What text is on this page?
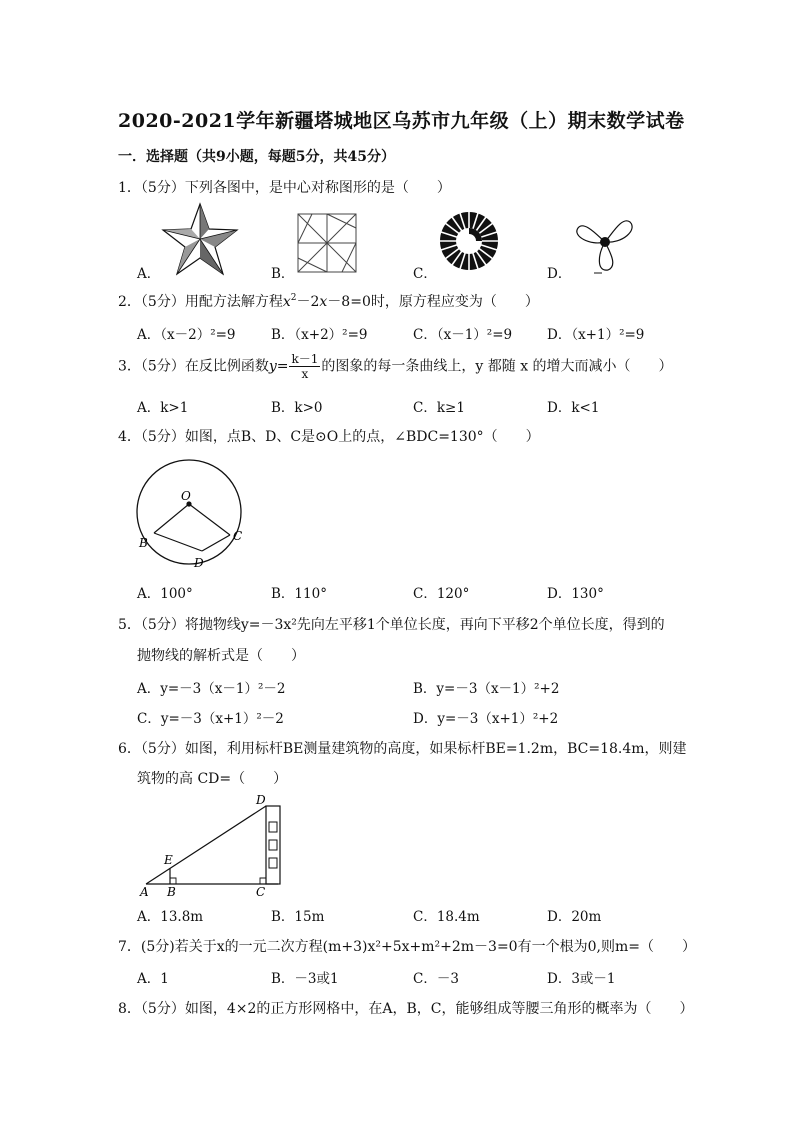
2020-2021学年新疆塔城地区乌苏市九年级（上）期末数学试卷
一．选择题（共9小题，每题5分，共45分）
1．（5分）下列各图中，是中心对称图形的是（　　）
A．	B．	C．	D．
2．（5分）用配方法解方程$x^2-2x-8=0$时，原方程应变为（　　）
A．（x－2）²=9	B．（x+2）²=9	C．（x－1）²=9	D．（x+1）²=9
3．（5分）在反比例函数$y= \frac{k-1}{x}$ 的图象的每一条曲线上，y 都随 x 的增大而减小（　　）
A．k>1	B．k>0	C．k≥1	D．k<1
4．（5分）如图，点B、D、C是⊙O上的点，∠BDC=130°（　　）
O
B	C
D
A．100°	B．110°	C．120°	D．130°
5．（5分）将抛物线y=－3x²先向左平移1个单位长度，再向下平移2个单位长度，得到的
抛物线的解析式是（　　）
A．y=－3（x－1）²－2	B．y=－3（x－1）²+2
C．y=－3（x+1）²－2	D．y=－3（x+1）²+2
6．（5分）如图，利用标杆BE测量建筑物的高度，如果标杆BE=1.2m，BC=18.4m，则建
筑物的高 CD=（　　）
D
E
A B	C
A．13.8m	B．15m	C．18.4m	D．20m
7．(5分)若关于x的一元二次方程(m+3)x²+5x+m²+2m－3=0有一个根为0,则m=（　　）
A．1	B．－3或1	C．－3	D．3或－1
8．（5分）如图，4×2的正方形网格中，在A，B，C，能够组成等腰三角形的概率为（　　）
